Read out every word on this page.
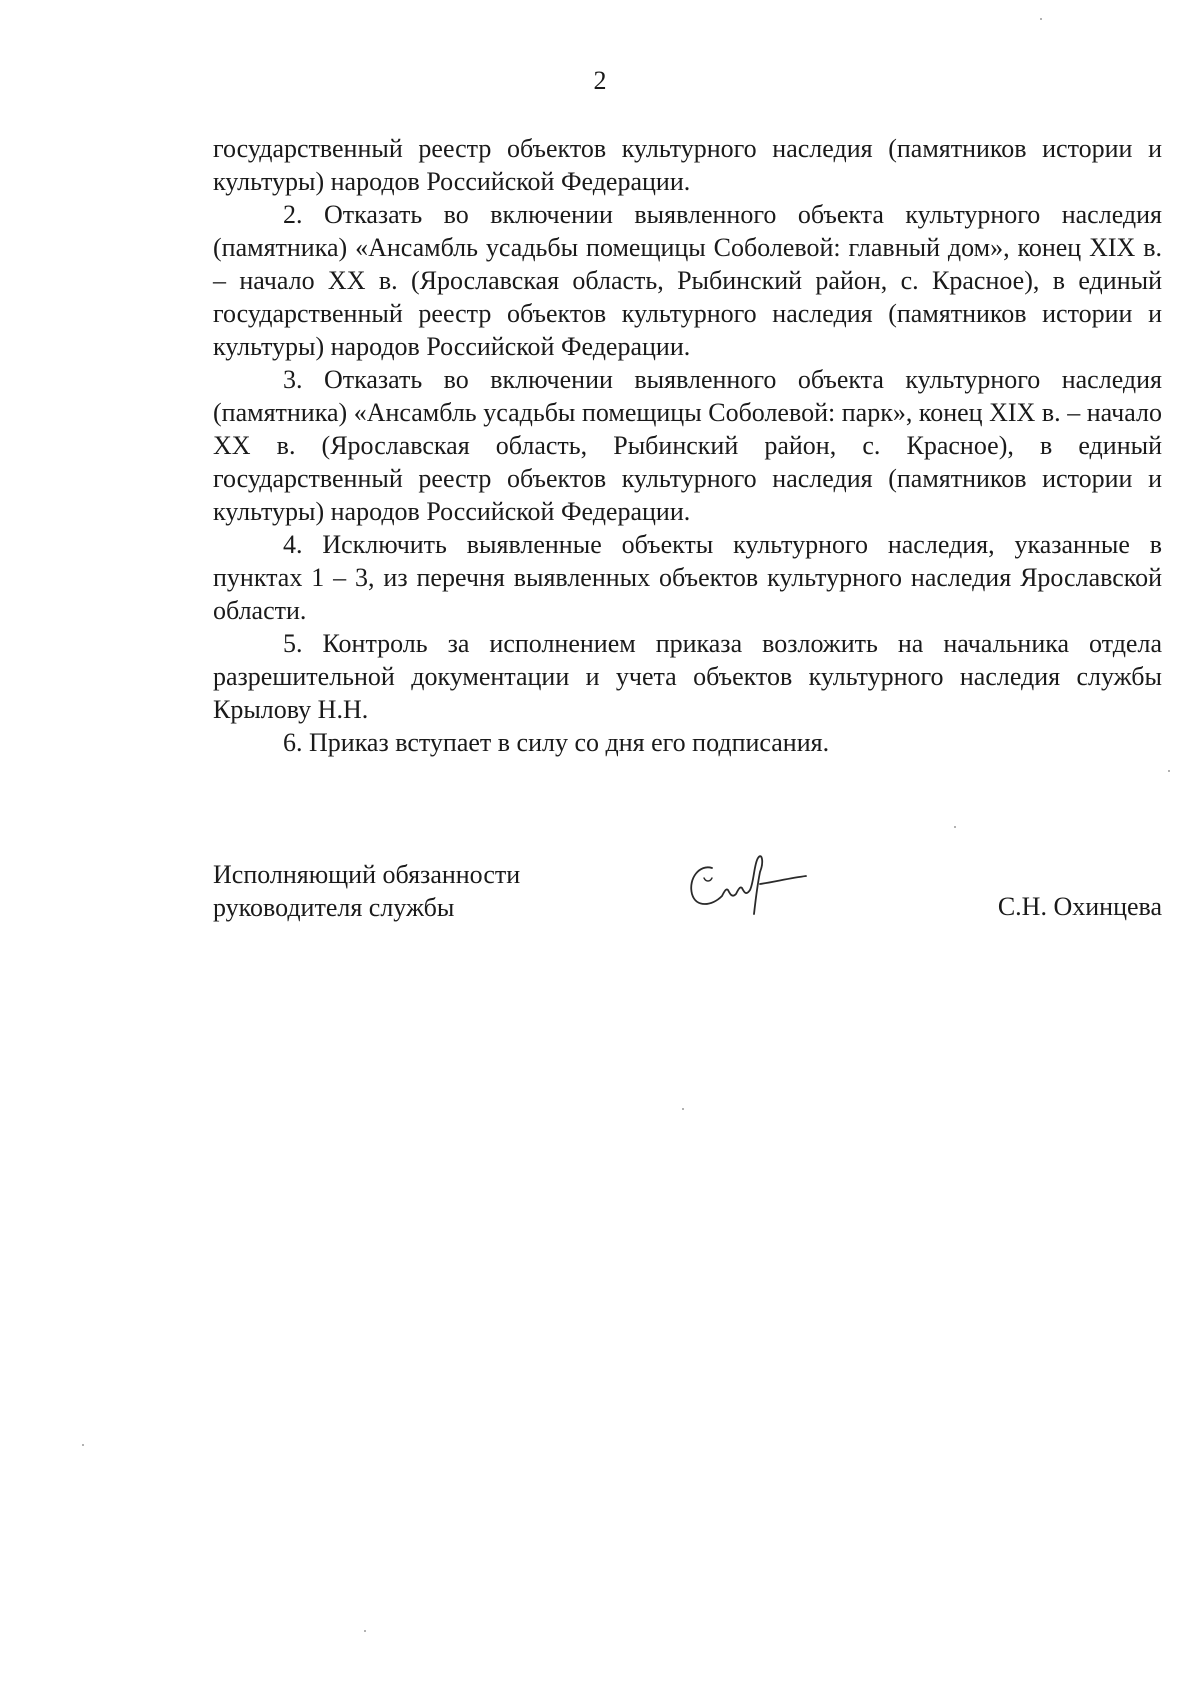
2

государственный реестр объектов культурного наследия (памятников истории и культуры) народов Российской Федерации.

2. Отказать во включении выявленного объекта культурного наследия (памятника) «Ансамбль усадьбы помещицы Соболевой: главный дом», конец XIX в. – начало XX в. (Ярославская область, Рыбинский район, с. Красное), в единый государственный реестр объектов культурного наследия (памятников истории и культуры) народов Российской Федерации.

3. Отказать во включении выявленного объекта культурного наследия (памятника) «Ансамбль усадьбы помещицы Соболевой: парк», конец XIX в. – начало XX в. (Ярославская область, Рыбинский район, с. Красное), в единый государственный реестр объектов культурного наследия (памятников истории и культуры) народов Российской Федерации.

4. Исключить выявленные объекты культурного наследия, указанные в пунктах 1 – 3, из перечня выявленных объектов культурного наследия Ярославской области.

5. Контроль за исполнением приказа возложить на начальника отдела разрешительной документации и учета объектов культурного наследия службы Крылову Н.Н.

6. Приказ вступает в силу со дня его подписания.

Исполняющий обязанности
руководителя службы	С.Н. Охинцева
